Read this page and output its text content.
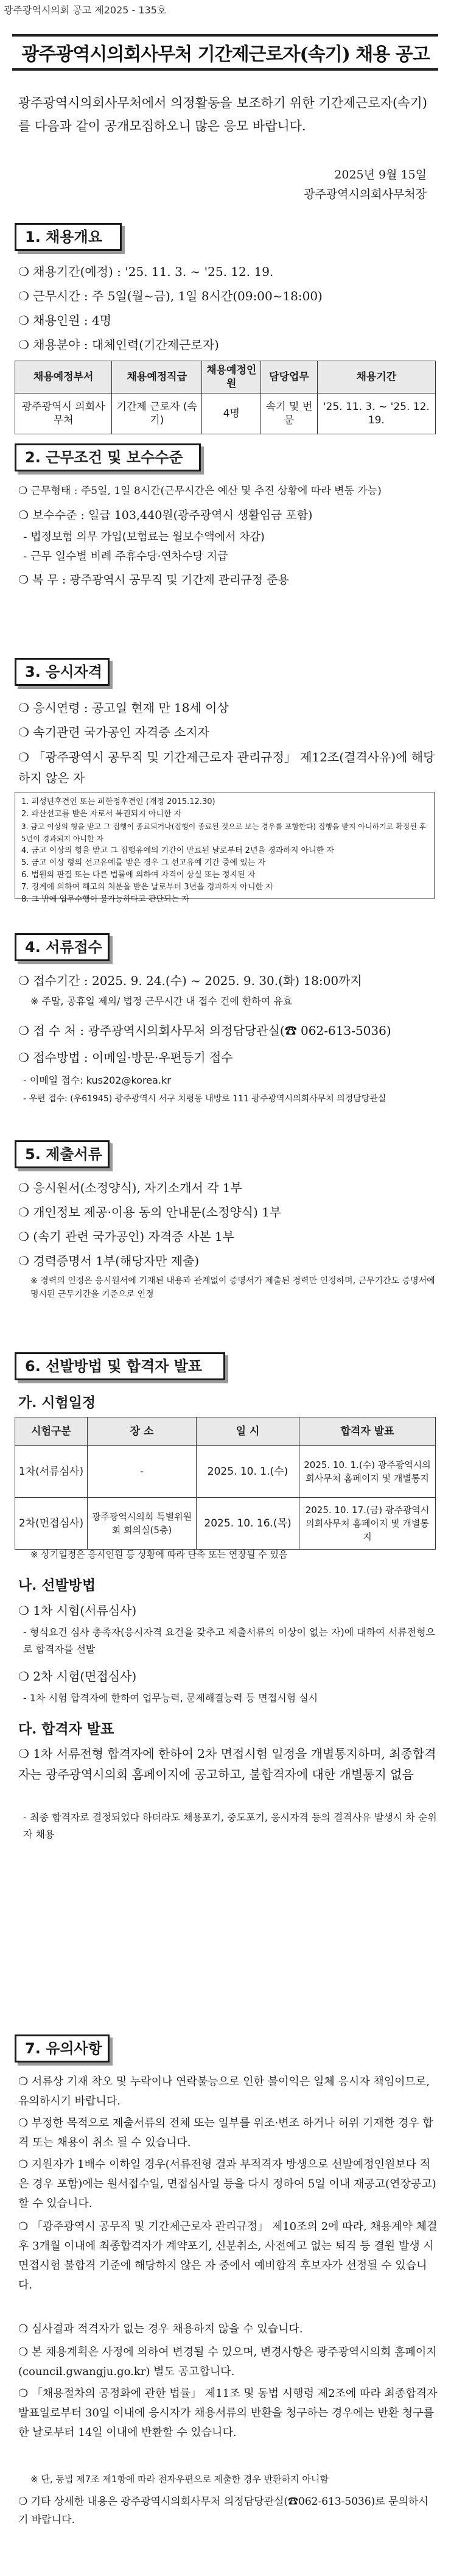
광주광역시의회 공고 제2025 - 135호
광주광역시의회사무처 기간제근로자(속기) 채용 공고
광주광역시의회사무처에서 의정활동을 보조하기 위한 기간제근로자(속기)를 다음과 같이 공개모집하오니 많은 응모 바랍니다.
2025년 9월 15일
광주광역시의회사무처장
1. 채용개요
❍ 채용기간(예정) : '25. 11. 3. ~ '25. 12. 19.
❍ 근무시간 : 주 5일(월~금), 1일 8시간(09:00~18:00)
❍ 채용인원 : 4명
❍ 채용분야 : 대체인력(기간제근로자)
채용예정부서	채용예정직급	채용예정인원	담당업무	채용기간
광주광역시 의회사무처	기간제 근로자 (속기)	4명	속기 및 번문	'25. 11. 3. ~ '25. 12. 19.
2. 근무조건 및 보수수준
❍ 근무형태 : 주5일, 1일 8시간(근무시간은 예산 및 추진 상황에 따라 변동 가능)
❍ 보수수준 : 일급 103,440원(광주광역시 생활임금 포함)
- 법정보험 의무 가입(보험료는 월보수액에서 차감)
- 근무 일수별 비례 주휴수당·연차수당 지급
❍ 복 무 : 광주광역시 공무직 및 기간제 관리규정 준용
3. 응시자격
❍ 응시연령 : 공고일 현재 만 18세 이상
❍ 속기관련 국가공인 자격증 소지자
❍ 「광주광역시 공무직 및 기간제근로자 관리규정」 제12조(결격사유)에 해당하지 않은 자
1. 피성년후견인 또는 피한정후견인 (개정 2015.12.30)
2. 파산선고를 받은 자로서 복권되지 아니한 자
3. 금고 이상의 형을 받고 그 집행이 종료되거나(집행이 종료된 것으로 보는 경우를 포함한다) 집행을 받지 아니하기로 확정된 후 5년이 경과되지 아니한 자
4. 금고 이상의 형을 받고 그 집행유예의 기간이 만료된 날로부터 2년을 경과하지 아니한 자
5. 금고 이상 형의 선고유예를 받은 경우 그 선고유예 기간 중에 있는 자
6. 법원의 판결 또는 다른 법률에 의하여 자격이 상실 또는 정지된 자
7. 징계에 의하여 해고의 처분을 받은 날로부터 3년을 경과하지 아니한 자
8. 그 밖에 업무수행이 불가능하다고 판단되는 자
4. 서류접수
❍ 접수기간 : 2025. 9. 24.(수) ~ 2025. 9. 30.(화) 18:00까지
※ 주말, 공휴일 제외/ 법정 근무시간 내 접수 건에 한하여 유효
❍ 접 수 처 : 광주광역시의회사무처 의정담당관실(☎ 062-613-5036)
❍ 접수방법 : 이메일·방문·우편등기 접수
- 이메일 접수: kus202@korea.kr
- 우편 접수: (우61945) 광주광역시 서구 치평동 내방로 111 광주광역시의회사무처 의정담당관실
5. 제출서류
❍ 응시원서(소정양식), 자기소개서 각 1부
❍ 개인정보 제공·이용 동의 안내문(소정양식) 1부
❍ (속기 관련 국가공인) 자격증 사본 1부
❍ 경력증명서 1부(해당자만 제출)
※ 경력의 인정은 응시원서에 기재된 내용과 관계없이 증명서가 제출된 경력만 인정하며, 근무기간도 증명서에 명시된 근무기간을 기준으로 인정
6. 선발방법 및 합격자 발표
가. 시험일정
시험구분	장 소	일 시	합격자 발표
1차(서류심사)	-	2025. 10. 1.(수)	2025. 10. 1.(수) 광주광역시의회사무처 홈페이지 및 개별통지
2차(면접심사)	광주광역시의회 특별위원회 회의실(5층)	2025. 10. 16.(목)	2025. 10. 17.(금) 광주광역시의회사무처 홈페이지 및 개별통지
※ 상기일정은 응시인원 등 상황에 따라 단축 또는 연장될 수 있음
나. 선발방법
❍ 1차 시험(서류심사)
- 형식요건 심사 총족자(응시자격 요건을 갖추고 제출서류의 이상이 없는 자)에 대하여 서류전형으로 합격자를 선발
❍ 2차 시험(면접심사)
- 1차 시험 합격자에 한하여 업무능력, 문제해결능력 등 면접시험 실시
다. 합격자 발표
❍ 1차 서류전형 합격자에 한하여 2차 면접시험 일정을 개별통지하며, 최종합격자는 광주광역시의회 홈페이지에 공고하고, 불합격자에 대한 개별통지 없음
- 최종 합격자로 결정되었다 하더라도 채용포기, 중도포기, 응시자격 등의 결격사유 발생시 차 순위자 채용
7. 유의사항
❍ 서류상 기재 착오 및 누락이나 연락불능으로 인한 불이익은 일체 응시자 책임이므로, 유의하시기 바랍니다.
❍ 부정한 목적으로 제출서류의 전체 또는 일부를 위조·변조 하거나 허위 기재한 경우 합격 또는 채용이 취소 될 수 있습니다.
❍ 지원자가 1배수 이하일 경우(서류전형 결과 부적격자 방생으로 선발예정인원보다 적은 경우 포함)에는 원서접수일, 면접심사일 등을 다시 정하여 5일 이내 재공고(연장공고) 할 수 있습니다.
❍ 「광주광역시 공무직 및 기간제근로자 관리규정」 제10조의 2에 따라, 채용계약 체결 후 3개월 이내에 최종합격자가 계약포기, 신분취소, 사전예고 없는 퇴직 등 결원 발생 시 면접시험 불합격 기준에 해당하지 않은 자 중에서 예비합격 후보자가 선정될 수 있습니다.
❍ 심사결과 적격자가 없는 경우 채용하지 않을 수 있습니다.
❍ 본 채용계획은 사정에 의하여 변경될 수 있으며, 변경사항은 광주광역시의회 홈페이지(council.gwangju.go.kr) 별도 공고합니다.
❍ 「채용절차의 공정화에 관한 법률」 제11조 및 동법 시행령 제2조에 따라 최종합격자 발표일로부터 30일 이내에 응시자가 채용서류의 반환을 청구하는 경우에는 반환 청구를 한 날로부터 14일 이내에 반환할 수 있습니다.
※ 단, 동법 제7조 제1항에 따라 전자우편으로 제출한 경우 반환하지 아니함
❍ 기타 상세한 내용은 광주광역시의회사무처 의정담당관실(☎062-613-5036)로 문의하시기 바랍니다.
